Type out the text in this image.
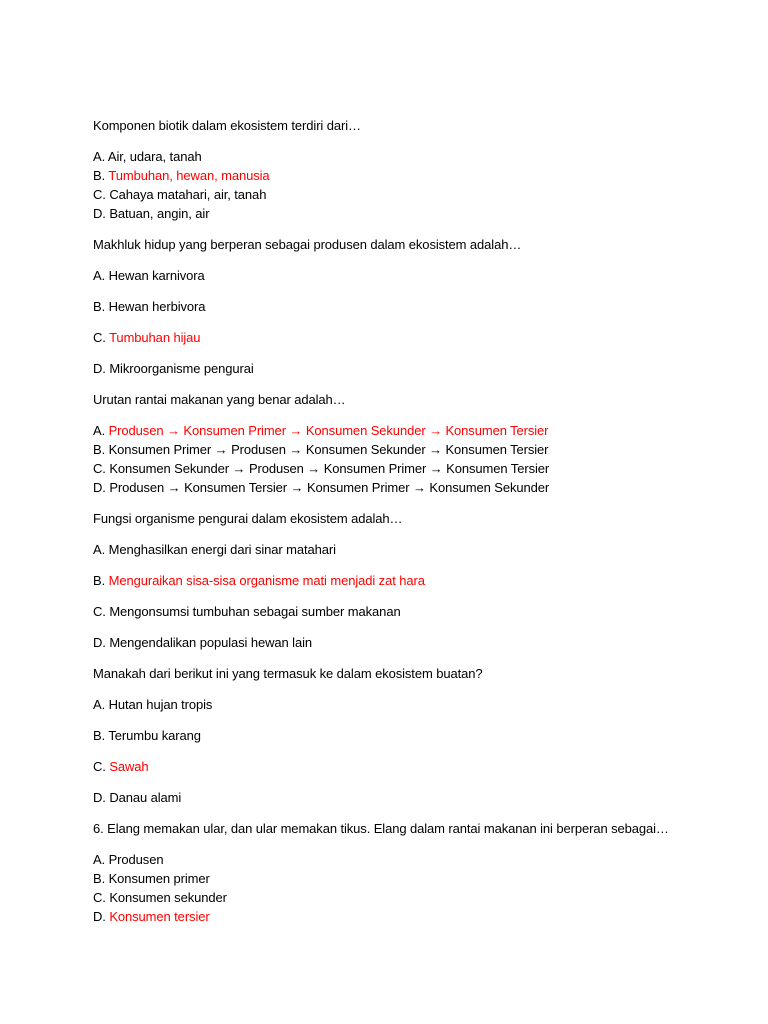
Komponen biotik dalam ekosistem terdiri dari…

A. Air, udara, tanah
B. Tumbuhan, hewan, manusia
C. Cahaya matahari, air, tanah
D. Batuan, angin, air

Makhluk hidup yang berperan sebagai produsen dalam ekosistem adalah…

A. Hewan karnivora
B. Hewan herbivora
C. Tumbuhan hijau
D. Mikroorganisme pengurai

Urutan rantai makanan yang benar adalah…

A. Produsen → Konsumen Primer → Konsumen Sekunder → Konsumen Tersier
B. Konsumen Primer → Produsen → Konsumen Sekunder → Konsumen Tersier
C. Konsumen Sekunder → Produsen → Konsumen Primer → Konsumen Tersier
D. Produsen → Konsumen Tersier → Konsumen Primer → Konsumen Sekunder

Fungsi organisme pengurai dalam ekosistem adalah…

A. Menghasilkan energi dari sinar matahari
B. Menguraikan sisa-sisa organisme mati menjadi zat hara
C. Mengonsumsi tumbuhan sebagai sumber makanan
D. Mengendalikan populasi hewan lain

Manakah dari berikut ini yang termasuk ke dalam ekosistem buatan?

A. Hutan hujan tropis
B. Terumbu karang
C. Sawah
D. Danau alami

6. Elang memakan ular, dan ular memakan tikus. Elang dalam rantai makanan ini berperan sebagai…

A. Produsen
B. Konsumen primer
C. Konsumen sekunder
D. Konsumen tersier
